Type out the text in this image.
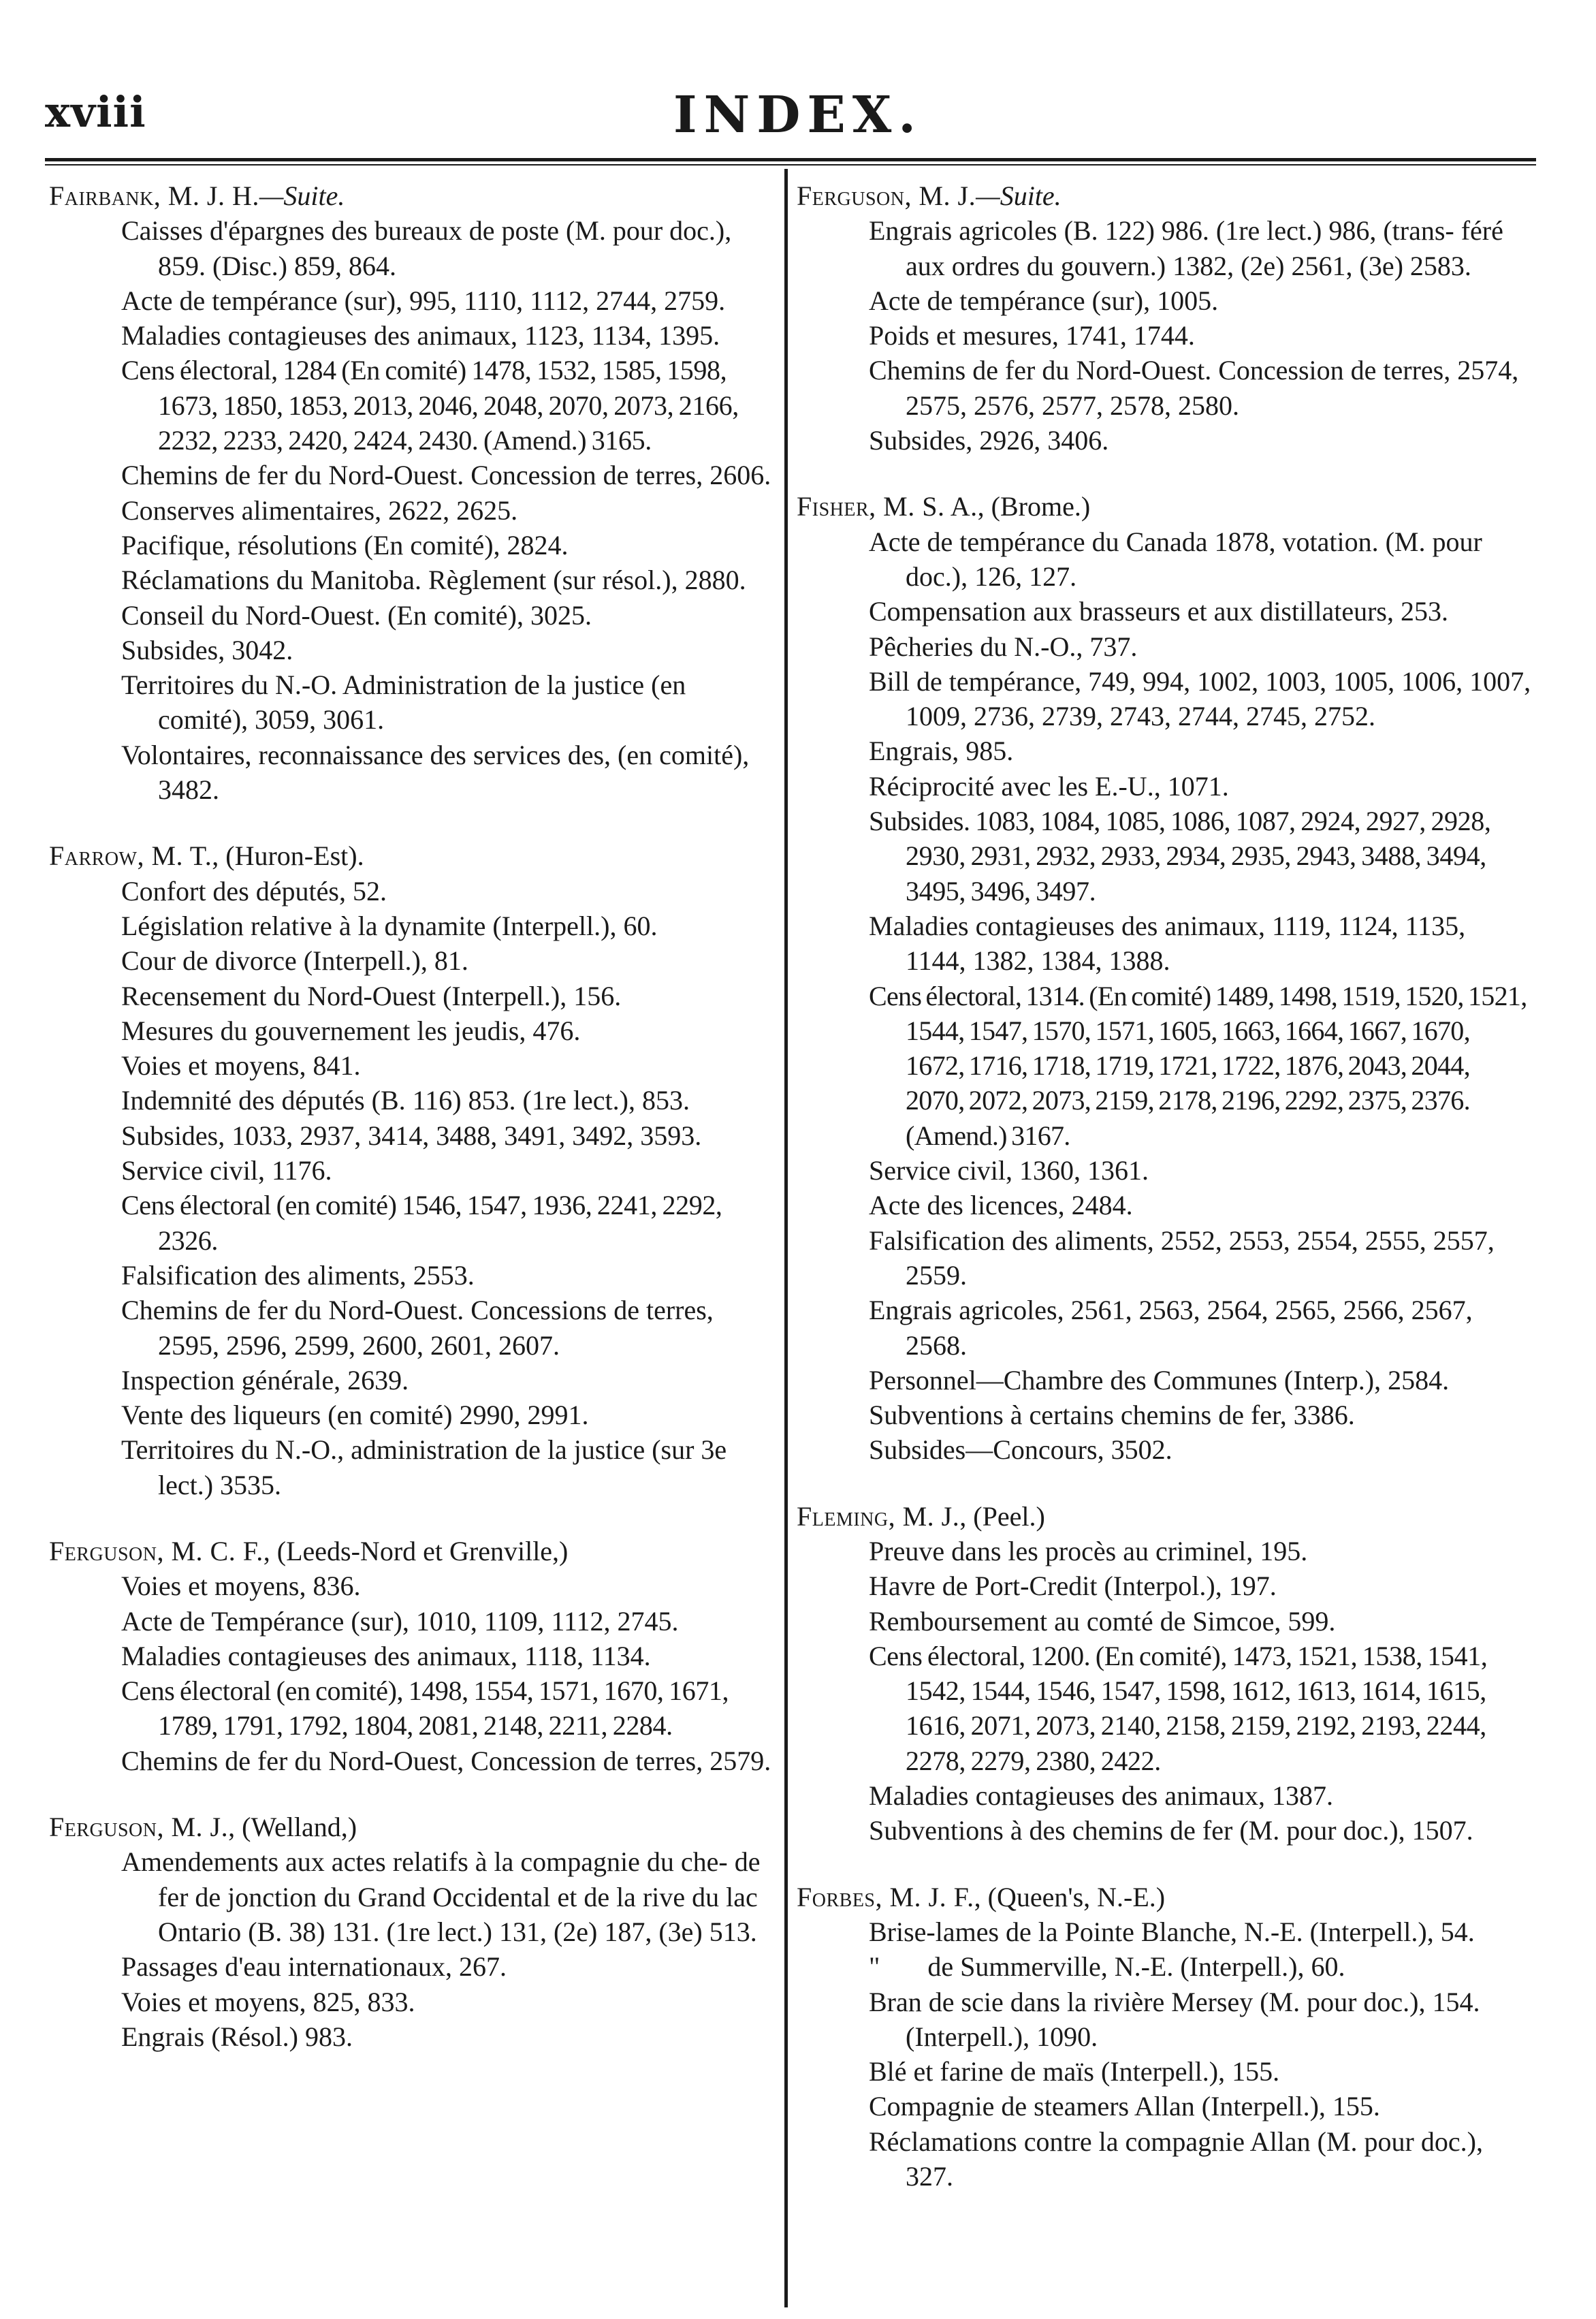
xviii	INDEX.
Fairbank, M. J. H.—Suite.
Caisses d'épargnes des bureaux de poste (M. pour doc.), 859. (Disc.) 859, 864.
Acte de tempérance (sur), 995, 1110, 1112, 2744, 2759.
Maladies contagieuses des animaux, 1123, 1134, 1395.
Cens électoral, 1284 (En comité) 1478, 1532, 1585, 1598, 1673, 1850, 1853, 2013, 2046, 2048, 2070, 2073, 2166, 2232, 2233, 2420, 2424, 2430. (Amend.) 3165.
Chemins de fer du Nord-Ouest. Concession de terres, 2606.
Conserves alimentaires, 2622, 2625.
Pacifique, résolutions (En comité), 2824.
Réclamations du Manitoba. Règlement (sur résol.), 2880.
Conseil du Nord-Ouest. (En comité), 3025.
Subsides, 3042.
Territoires du N.-O. Administration de la justice (en comité), 3059, 3061.
Volontaires, reconnaissance des services des, (en comité), 3482.
Farrow, M. T., (Huron-Est).
Confort des députés, 52.
Législation relative à la dynamite (Interpell.), 60.
Cour de divorce (Interpell.), 81.
Recensement du Nord-Ouest (Interpell.), 156.
Mesures du gouvernement les jeudis, 476.
Voies et moyens, 841.
Indemnité des députés (B. 116) 853. (1re lect.), 853.
Subsides, 1033, 2937, 3414, 3488, 3491, 3492, 3593.
Service civil, 1176.
Cens électoral (en comité) 1546, 1547, 1936, 2241, 2292, 2326.
Falsification des aliments, 2553.
Chemins de fer du Nord-Ouest. Concessions de terres, 2595, 2596, 2599, 2600, 2601, 2607.
Inspection générale, 2639.
Vente des liqueurs (en comité) 2990, 2991.
Territoires du N.-O., administration de la justice (sur 3e lect.) 3535.
Ferguson, M. C. F., (Leeds-Nord et Grenville,)
Voies et moyens, 836.
Acte de Tempérance (sur), 1010, 1109, 1112, 2745.
Maladies contagieuses des animaux, 1118, 1134.
Cens électoral (en comité), 1498, 1554, 1571, 1670, 1671, 1789, 1791, 1792, 1804, 2081, 2148, 2211, 2284.
Chemins de fer du Nord-Ouest, Concession de terres, 2579.
Ferguson, M. J., (Welland,)
Amendements aux actes relatifs à la compagnie du che- de fer de jonction du Grand Occidental et de la rive du lac Ontario (B. 38) 131. (1re lect.) 131, (2e) 187, (3e) 513.
Passages d'eau internationaux, 267.
Voies et moyens, 825, 833.
Engrais (Résol.) 983.
Ferguson, M. J.—Suite.
Engrais agricoles (B. 122) 986. (1re lect.) 986, (trans- féré aux ordres du gouvern.) 1382, (2e) 2561, (3e) 2583.
Acte de tempérance (sur), 1005.
Poids et mesures, 1741, 1744.
Chemins de fer du Nord-Ouest. Concession de terres, 2574, 2575, 2576, 2577, 2578, 2580.
Subsides, 2926, 3406.
Fisher, M. S. A., (Brome.)
Acte de tempérance du Canada 1878, votation. (M. pour doc.), 126, 127.
Compensation aux brasseurs et aux distillateurs, 253.
Pêcheries du N.-O., 737.
Bill de tempérance, 749, 994, 1002, 1003, 1005, 1006, 1007, 1009, 2736, 2739, 2743, 2744, 2745, 2752.
Engrais, 985.
Réciprocité avec les E.-U., 1071.
Subsides. 1083, 1084, 1085, 1086, 1087, 2924, 2927, 2928, 2930, 2931, 2932, 2933, 2934, 2935, 2943, 3488, 3494, 3495, 3496, 3497.
Maladies contagieuses des animaux, 1119, 1124, 1135, 1144, 1382, 1384, 1388.
Cens électoral, 1314. (En comité) 1489, 1498, 1519, 1520, 1521, 1544, 1547, 1570, 1571, 1605, 1663, 1664, 1667, 1670, 1672, 1716, 1718, 1719, 1721, 1722, 1876, 2043, 2044, 2070, 2072, 2073, 2159, 2178, 2196, 2292, 2375, 2376. (Amend.) 3167.
Service civil, 1360, 1361.
Acte des licences, 2484.
Falsification des aliments, 2552, 2553, 2554, 2555, 2557, 2559.
Engrais agricoles, 2561, 2563, 2564, 2565, 2566, 2567, 2568.
Personnel—Chambre des Communes (Interp.), 2584.
Subventions à certains chemins de fer, 3386.
Subsides—Concours, 3502.
Fleming, M. J., (Peel.)
Preuve dans les procès au criminel, 195.
Havre de Port-Credit (Interpol.), 197.
Remboursement au comté de Simcoe, 599.
Cens électoral, 1200. (En comité), 1473, 1521, 1538, 1541, 1542, 1544, 1546, 1547, 1598, 1612, 1613, 1614, 1615, 1616, 2071, 2073, 2140, 2158, 2159, 2192, 2193, 2244, 2278, 2279, 2380, 2422.
Maladies contagieuses des animaux, 1387.
Subventions à des chemins de fer (M. pour doc.), 1507.
Forbes, M. J. F., (Queen's, N.-E.)
Brise-lames de la Pointe Blanche, N.-E. (Interpell.), 54.
"       de Summerville, N.-E. (Interpell.), 60.
Bran de scie dans la rivière Mersey (M. pour doc.), 154. (Interpell.), 1090.
Blé et farine de maïs (Interpell.), 155.
Compagnie de steamers Allan (Interpell.), 155.
Réclamations contre la compagnie Allan (M. pour doc.), 327.
